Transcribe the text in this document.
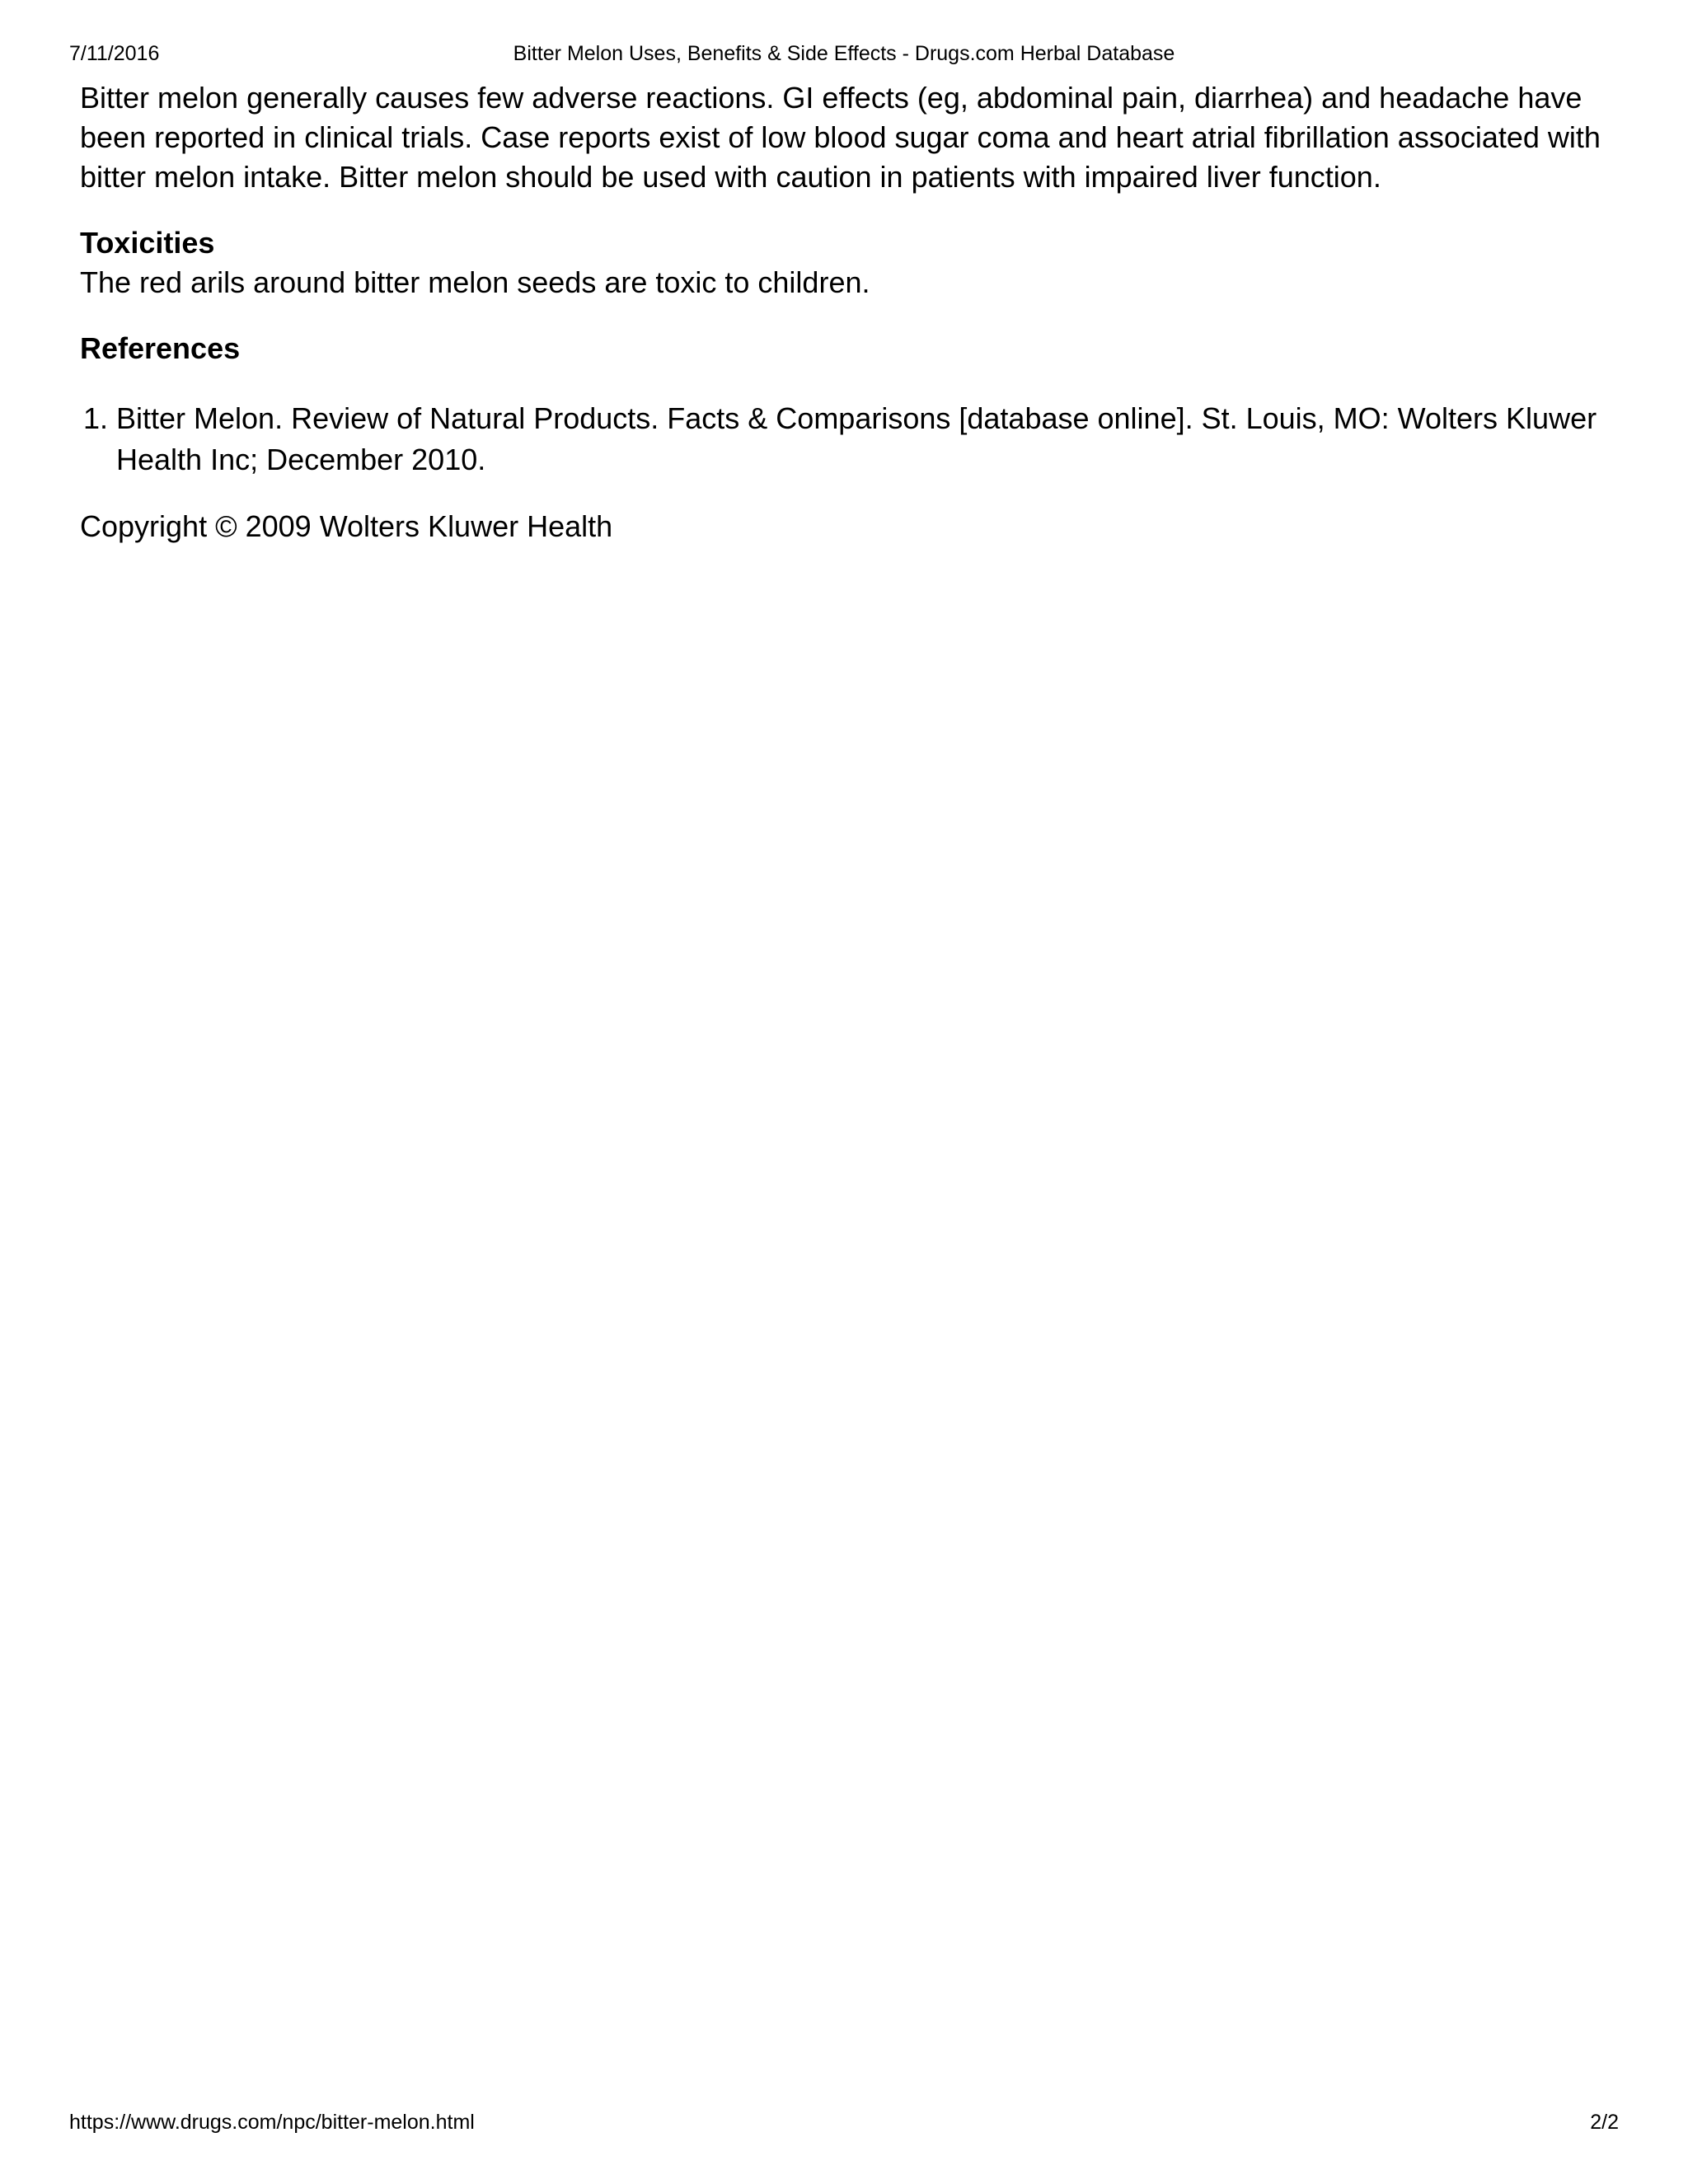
7/11/2016	Bitter Melon Uses, Benefits & Side Effects - Drugs.com Herbal Database

Bitter melon generally causes few adverse reactions. GI effects (eg, abdominal pain, diarrhea) and headache have been reported in clinical trials. Case reports exist of low blood sugar coma and heart atrial fibrillation associated with bitter melon intake. Bitter melon should be used with caution in patients with impaired liver function.

Toxicities

The red arils around bitter melon seeds are toxic to children.

References

1. Bitter Melon. Review of Natural Products. Facts & Comparisons [database online]. St. Louis, MO: Wolters Kluwer Health Inc; December 2010.

Copyright © 2009 Wolters Kluwer Health

https://www.drugs.com/npc/bitter-melon.html	2/2
